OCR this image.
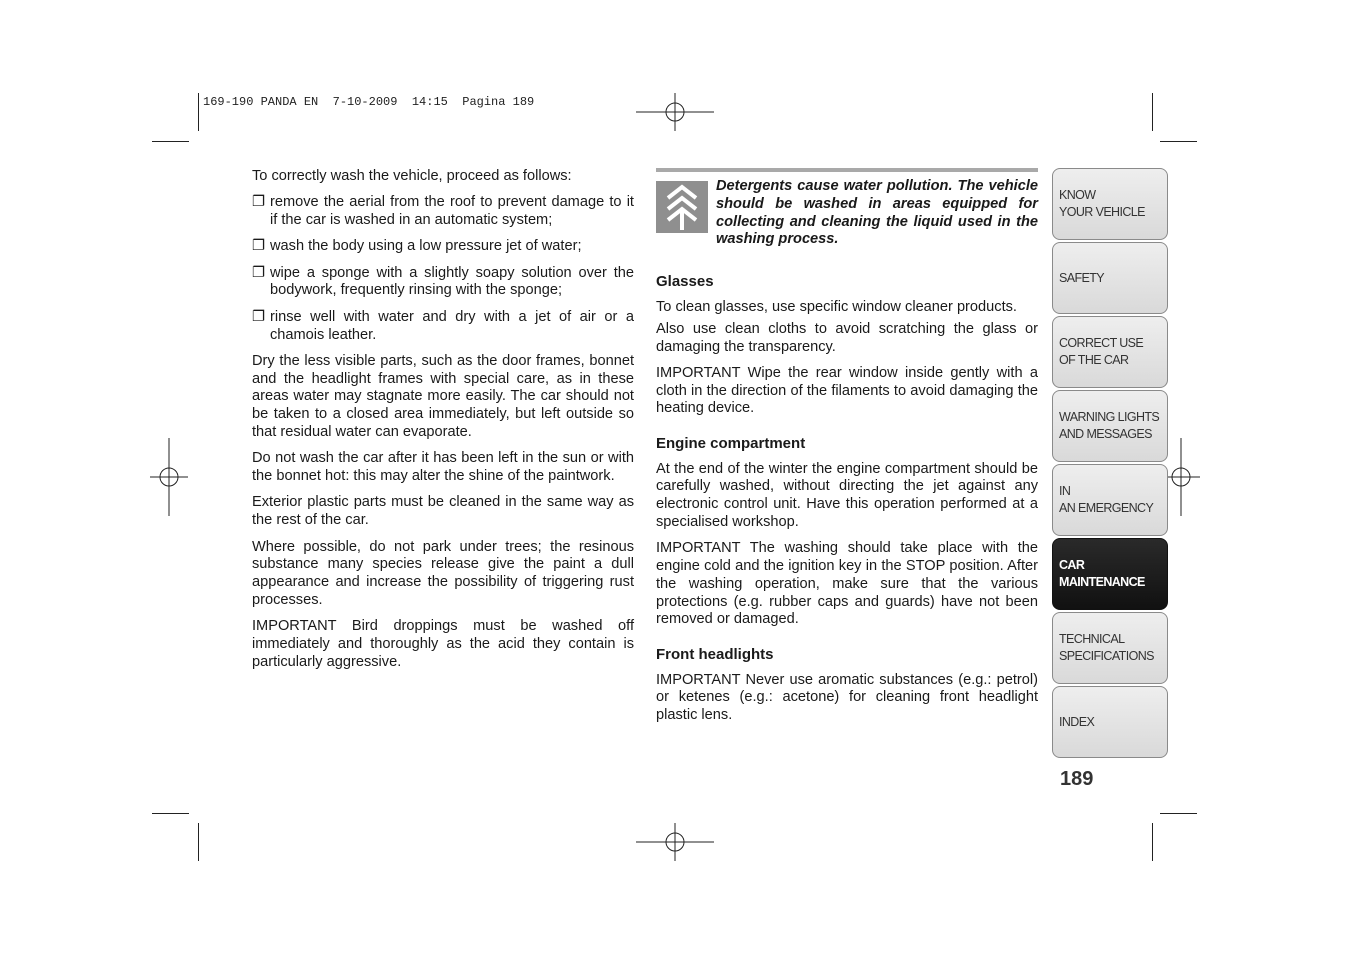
169-190 PANDA EN  7-10-2009  14:15  Pagina 189

To correctly wash the vehicle, proceed as follows:

❐ remove the aerial from the roof to prevent damage to it if the car is washed in an automatic system;
❐ wash the body using a low pressure jet of water;
❐ wipe a sponge with a slightly soapy solution over the bodywork, frequently rinsing with the sponge;
❐ rinse well with water and dry with a jet of air or a chamois leather.

Dry the less visible parts, such as the door frames, bonnet and the headlight frames with special care, as in these areas water may stagnate more easily. The car should not be taken to a closed area immediately, but left outside so that residual water can evaporate.

Do not wash the car after it has been left in the sun or with the bonnet hot: this may alter the shine of the paintwork.

Exterior plastic parts must be cleaned in the same way as the rest of the car.

Where possible, do not park under trees; the resinous substance many species release give the paint a dull appearance and increase the possibility of triggering rust processes.

IMPORTANT Bird droppings must be washed off immediately and thoroughly as the acid they contain is particularly aggressive.

Detergents cause water pollution. The vehicle should be washed in areas equipped for collecting and cleaning the liquid used in the washing process.
Glasses

To clean glasses, use specific window cleaner products.

Also use clean cloths to avoid scratching the glass or damaging the transparency.

IMPORTANT Wipe the rear window inside gently with a cloth in the direction of the filaments to avoid damaging the heating device.

Engine compartment

At the end of the winter the engine compartment should be carefully washed, without directing the jet against any electronic control unit. Have this operation performed at a specialised workshop.

IMPORTANT The washing should take place with the engine cold and the ignition key in the STOP position. After the washing operation, make sure that the various protections (e.g. rubber caps and guards) have not been removed or damaged.

Front headlights

IMPORTANT Never use aromatic substances (e.g.: petrol) or ketenes (e.g.: acetone) for cleaning front headlight plastic lens.

KNOW
YOUR VEHICLE
SAFETY
CORRECT USE
OF THE CAR
WARNING LIGHTS
AND MESSAGES
IN
AN EMERGENCY
CAR
MAINTENANCE
TECHNICAL
SPECIFICATIONS
INDEX
189
